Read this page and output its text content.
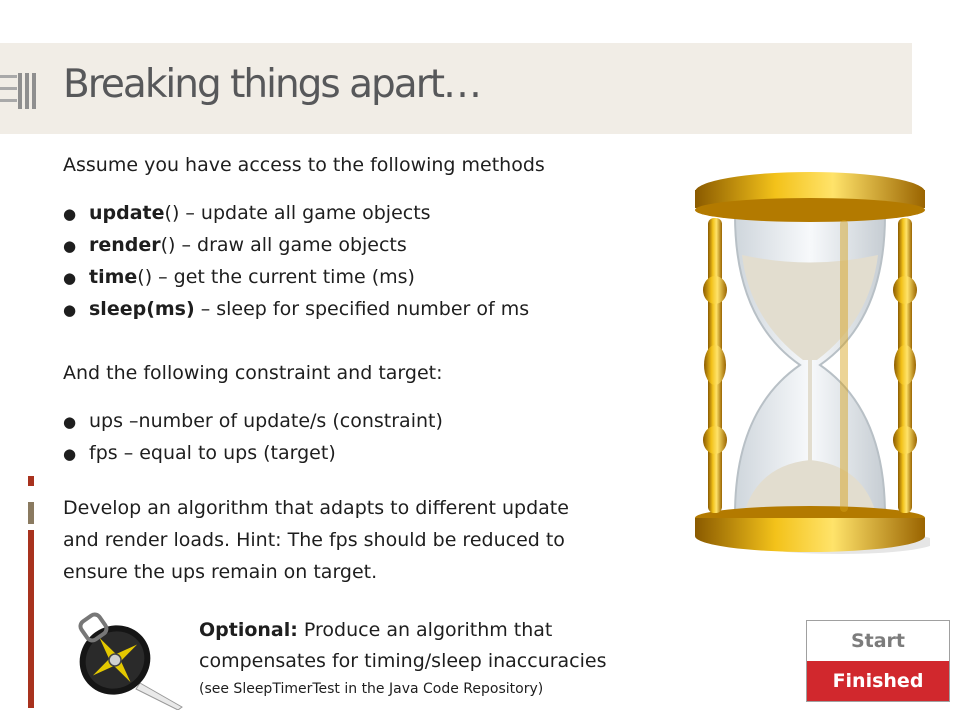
Breaking things apart…
Assume you have access to the following methods
● update() – update all game objects
● render() – draw all game objects
● time() – get the current time (ms)
● sleep(ms) – sleep for specified number of ms
And the following constraint and target:
● ups –number of update/s (constraint)
● fps – equal to ups (target)
Develop an algorithm that adapts to different update
and render loads. Hint: The fps should be reduced to
ensure the ups remain on target.
Optional: Produce an algorithm that
compensates for timing/sleep inaccuracies
(see SleepTimerTest in the Java Code Repository)
Start
Finished
